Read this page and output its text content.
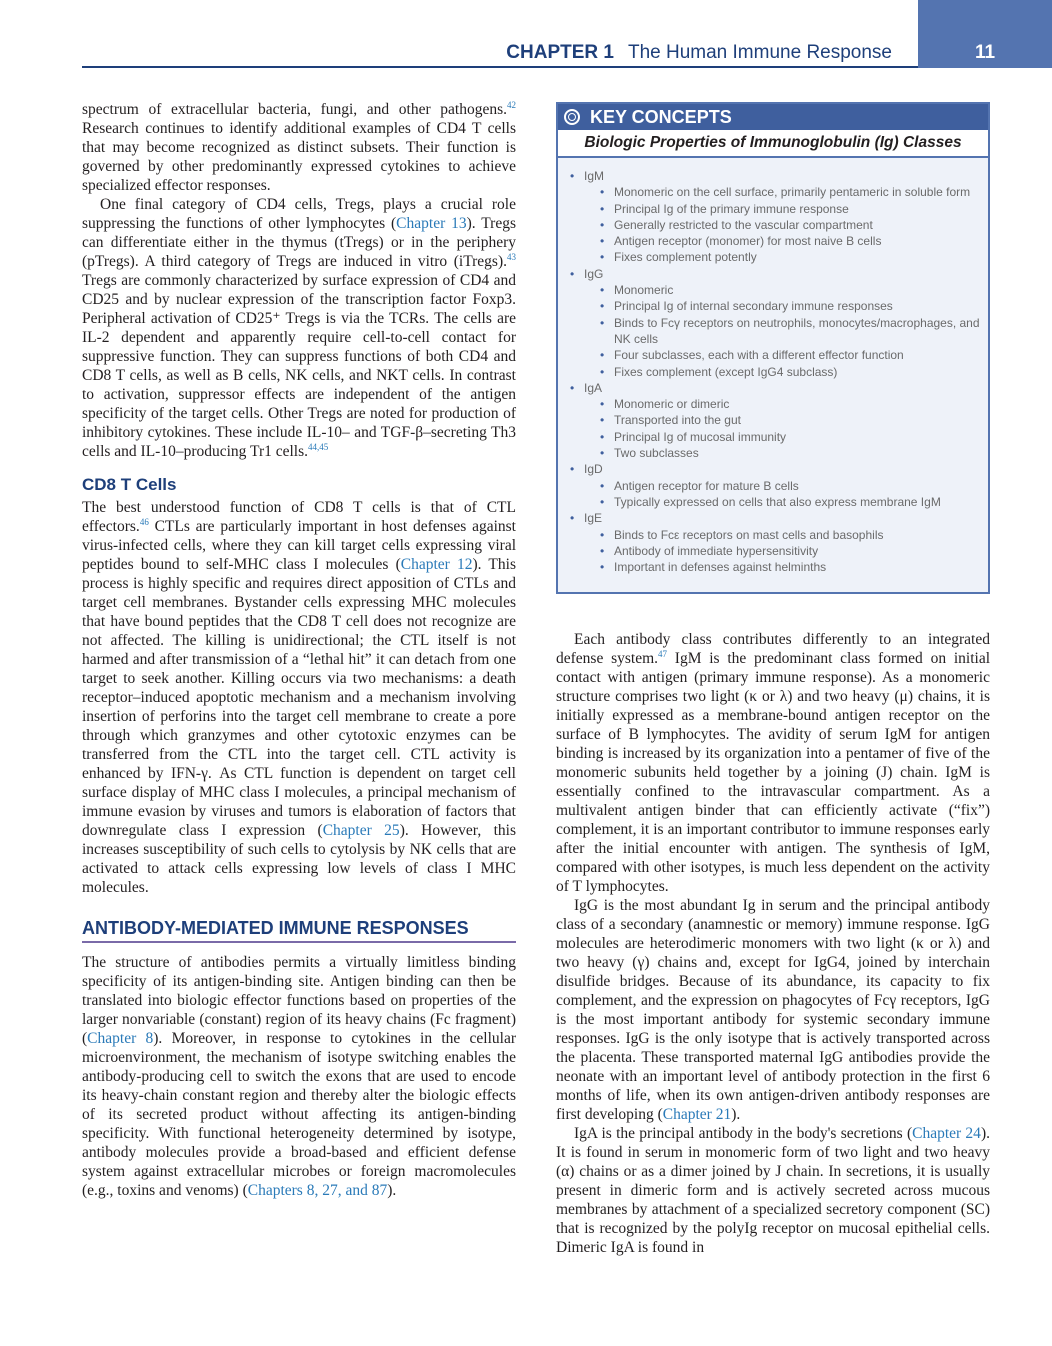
CHAPTER 1 The Human Immune Response	11

spectrum of extracellular bacteria, fungi, and other pathogens.$^{42}$ Research continues to identify additional examples of CD4 T cells that may become recognized as distinct subsets. Their function is governed by other predominantly expressed cytokines to achieve specialized effector responses.

One final category of CD4 cells, Tregs, plays a crucial role suppressing the functions of other lymphocytes (Chapter 13). Tregs can differentiate either in the thymus (tTregs) or in the periphery (pTregs). A third category of Tregs are induced in vitro (iTregs).$^{43}$ Tregs are commonly characterized by surface expression of CD4 and CD25 and by nuclear expression of the transcription factor Foxp3. Peripheral activation of CD25⁺ Tregs is via the TCRs. The cells are IL-2 dependent and apparently require cell-to-cell contact for suppressive function. They can suppress functions of both CD4 and CD8 T cells, as well as B cells, NK cells, and NKT cells. In contrast to activation, suppressor effects are independent of the antigen specificity of the target cells. Other Tregs are noted for production of inhibitory cytokines. These include IL-10– and TGF-β–secreting Th3 cells and IL-10–producing Tr1 cells.$^{44,45}$

CD8 T Cells

The best understood function of CD8 T cells is that of CTL effectors.$^{46}$ CTLs are particularly important in host defenses against virus-infected cells, where they can kill target cells expressing viral peptides bound to self-MHC class I molecules (Chapter 12). This process is highly specific and requires direct apposition of CTLs and target cell membranes. Bystander cells expressing MHC molecules that have bound peptides that the CD8 T cell does not recognize are not affected. The killing is unidirectional; the CTL itself is not harmed and after transmission of a “lethal hit” it can detach from one target to seek another. Killing occurs via two mechanisms: a death receptor–induced apoptotic mechanism and a mechanism involving insertion of perforins into the target cell membrane to create a pore through which granzymes and other cytotoxic enzymes can be transferred from the CTL into the target cell. CTL activity is enhanced by IFN-γ. As CTL function is dependent on target cell surface display of MHC class I molecules, a principal mechanism of immune evasion by viruses and tumors is elaboration of factors that downregulate class I expression (Chapter 25). However, this increases susceptibility of such cells to cytolysis by NK cells that are activated to attack cells expressing low levels of class I MHC molecules.

ANTIBODY-MEDIATED IMMUNE RESPONSES

The structure of antibodies permits a virtually limitless binding specificity of its antigen-binding site. Antigen binding can then be translated into biologic effector functions based on properties of the larger nonvariable (constant) region of its heavy chains (Fc fragment) (Chapter 8). Moreover, in response to cytokines in the cellular microenvironment, the mechanism of isotype switching enables the antibody-producing cell to switch the exons that are used to encode its heavy-chain constant region and thereby alter the biologic effects of its secreted product without affecting its antigen-binding specificity. With functional heterogeneity determined by isotype, antibody molecules provide a broad-based and efficient defense system against extracellular microbes or foreign macromolecules (e.g., toxins and venoms) (Chapters 8, 27, and 87).

KEY CONCEPTS
Biologic Properties of Immunoglobulin (Ig) Classes
• IgM
• Monomeric on the cell surface, primarily pentameric in soluble form
• Principal Ig of the primary immune response
• Generally restricted to the vascular compartment
• Antigen receptor (monomer) for most naive B cells
• Fixes complement potently
• IgG
• Monomeric
• Principal Ig of internal secondary immune responses
• Binds to Fcγ receptors on neutrophils, monocytes/macrophages, and NK cells
• Four subclasses, each with a different effector function
• Fixes complement (except IgG4 subclass)
• IgA
• Monomeric or dimeric
• Transported into the gut
• Principal Ig of mucosal immunity
• Two subclasses
• IgD
• Antigen receptor for mature B cells
• Typically expressed on cells that also express membrane IgM
• IgE
• Binds to Fcε receptors on mast cells and basophils
• Antibody of immediate hypersensitivity
• Important in defenses against helminths

Each antibody class contributes differently to an integrated defense system.$^{47}$ IgM is the predominant class formed on initial contact with antigen (primary immune response). As a monomeric structure comprises two light (κ or λ) and two heavy (μ) chains, it is initially expressed as a membrane-bound antigen receptor on the surface of B lymphocytes. The avidity of serum IgM for antigen binding is increased by its organization into a pentamer of five of the monomeric subunits held together by a joining (J) chain. IgM is essentially confined to the intravascular compartment. As a multivalent antigen binder that can efficiently activate (“fix”) complement, it is an important contributor to immune responses early after the initial encounter with antigen. The synthesis of IgM, compared with other isotypes, is much less dependent on the activity of T lymphocytes.

IgG is the most abundant Ig in serum and the principal antibody class of a secondary (anamnestic or memory) immune response. IgG molecules are heterodimeric monomers with two light (κ or λ) and two heavy (γ) chains and, except for IgG4, joined by interchain disulfide bridges. Because of its abundance, its capacity to fix complement, and the expression on phagocytes of Fcγ receptors, IgG is the most important antibody for systemic secondary immune responses. IgG is the only isotype that is actively transported across the placenta. These transported maternal IgG antibodies provide the neonate with an important level of antibody protection in the first 6 months of life, when its own antigen-driven antibody responses are first developing (Chapter 21).

IgA is the principal antibody in the body's secretions (Chapter 24). It is found in serum in monomeric form of two light and two heavy (α) chains or as a dimer joined by J chain. In secretions, it is usually present in dimeric form and is actively secreted across mucous membranes by attachment of a specialized secretory component (SC) that is recognized by the polyIg receptor on mucosal epithelial cells. Dimeric IgA is found in
